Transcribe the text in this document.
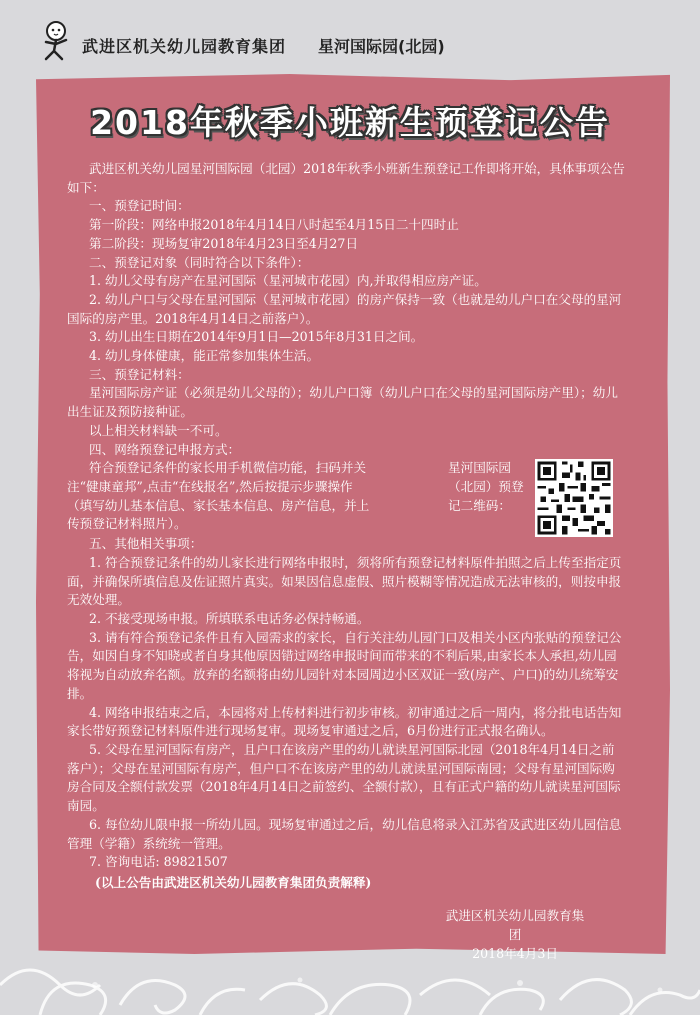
武进区机关幼儿园教育集团 星河国际园(北园)
2018年秋季小班新生预登记公告

武进区机关幼儿园星河国际园（北园）2018年秋季小班新生预登记工作即将开始，具体事项公告如下：

一、预登记时间：

第一阶段：网络申报2018年4月14日八时起至4月15日二十四时止

第二阶段：现场复审2018年4月23日至4月27日

二、预登记对象（同时符合以下条件）：

1. 幼儿父母有房产在星河国际（星河城市花园）内,并取得相应房产证。

2. 幼儿户口与父母在星河国际（星河城市花园）的房产保持一致（也就是幼儿户口在父母的星河国际的房产里。2018年4月14日之前落户）。

3. 幼儿出生日期在2014年9月1日—2015年8月31日之间。

4. 幼儿身体健康，能正常参加集体生活。

三、预登记材料：

星河国际房产证（必须是幼儿父母的）；幼儿户口簿（幼儿户口在父母的星河国际房产里）；幼儿出生证及预防接种证。

以上相关材料缺一不可。

四、网络预登记申报方式：

符合预登记条件的家长用手机微信功能，扫码并关注“健康童邦”,点击“在线报名”,然后按提示步骤操作（填写幼儿基本信息、家长基本信息、房产信息，并上传预登记材料照片）。

星河国际园（北园）预登记二维码：

五、其他相关事项：

1. 符合预登记条件的幼儿家长进行网络申报时，须将所有预登记材料原件拍照之后上传至指定页面，并确保所填信息及佐证照片真实。如果因信息虚假、照片模糊等情况造成无法审核的，则按申报无效处理。

2. 不接受现场申报。所填联系电话务必保持畅通。

3. 请有符合预登记条件且有入园需求的家长，自行关注幼儿园门口及相关小区内张贴的预登记公告，如因自身不知晓或者自身其他原因错过网络申报时间而带来的不利后果,由家长本人承担,幼儿园将视为自动放弃名额。放弃的名额将由幼儿园针对本园周边小区双证一致(房产、户口)的幼儿统筹安排。

4. 网络申报结束之后，本园将对上传材料进行初步审核。初审通过之后一周内，将分批电话告知家长带好预登记材料原件进行现场复审。现场复审通过之后，6月份进行正式报名确认。

5. 父母在星河国际有房产，且户口在该房产里的幼儿就读星河国际北园（2018年4月14日之前落户）；父母在星河国际有房产，但户口不在该房产里的幼儿就读星河国际南园；父母有星河国际购房合同及全额付款发票（2018年4月14日之前签约、全额付款），且有正式户籍的幼儿就读星河国际南园。

6. 每位幼儿限申报一所幼儿园。现场复审通过之后，幼儿信息将录入江苏省及武进区幼儿园信息管理（学籍）系统统一管理。

7. 咨询电话: 89821507

(以上公告由武进区机关幼儿园教育集团负责解释)

武进区机关幼儿园教育集团
2018年4月3日
